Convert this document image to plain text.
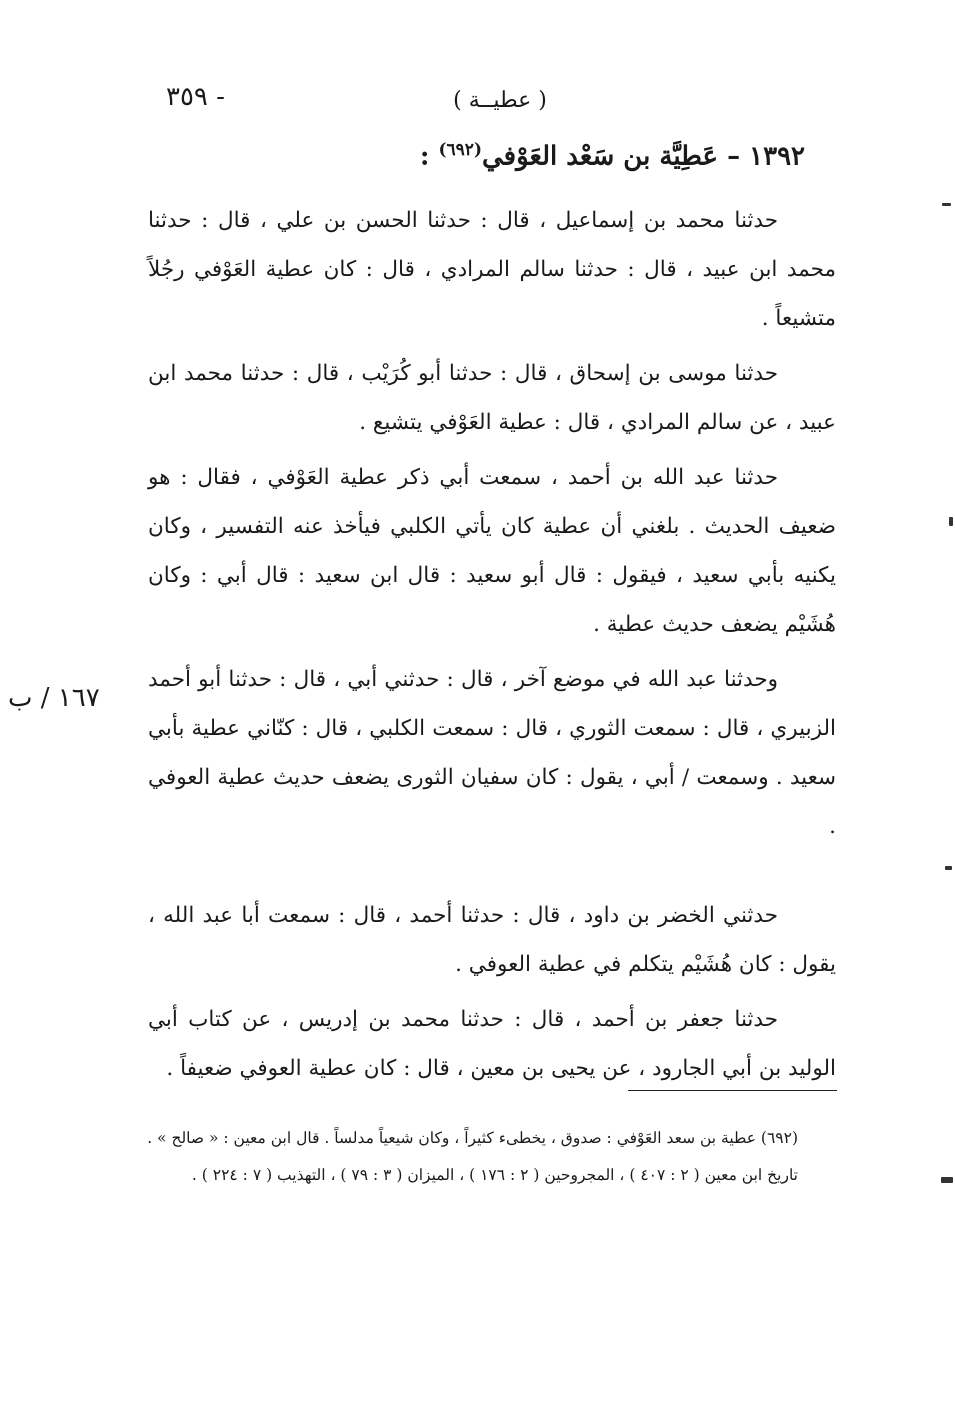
- ٣٥٩	( عطيــة )
١٣٩٢ – عَطِيَّة بن سَعْد العَوْفي$^{(٦٩٢)}$ :

حدثنا محمد بن إسماعيل ، قال : حدثنا الحسن بن علي ، قال : حدثنا محمد ابن عبيد ، قال : حدثنا سالم المرادي ، قال : كان عطية العَوْفي رجُلاً متشيعاً .

حدثنا موسى بن إسحاق ، قال : حدثنا أبو كُرَيْب ، قال : حدثنا محمد ابن عبيد ، عن سالم المرادي ، قال : عطية العَوْفي يتشيع .

حدثنا عبد الله بن أحمد ، سمعت أبي ذكر عطية العَوْفي ، فقال : هو ضعيف الحديث . بلغني أن عطية كان يأتي الكلبي فيأخذ عنه التفسير ، وكان يكنيه بأبي سعيد ، فيقول : قال أبو سعيد : قال ابن سعيد : قال أبي : وكان هُشَيْم يضعف حديث عطية .

وحدثنا عبد الله في موضع آخر ، قال : حدثني أبي ، قال : حدثنا أبو أحمد الزبيري ، قال : سمعت الثوري ، قال : سمعت الكلبي ، قال : كنّاني عطية بأبي سعيد . وسمعت / أبي ، يقول : كان سفيان الثورى يضعف حديث عطية العوفي .

حدثني الخضر بن داود ، قال : حدثنا أحمد ، قال : سمعت أبا عبد الله ، يقول : كان هُشَيْم يتكلم في عطية العوفي .

حدثنا جعفر بن أحمد ، قال : حدثنا محمد بن إدريس ، عن كتاب أبي الوليد بن أبي الجارود ، عن يحيى بن معين ، قال : كان عطية العوفي ضعيفاً .

١٦٧ / ب

(٦٩٢) عطية بن سعد العَوْفي : صدوق ، يخطىء كثيراً ، وكان شيعياً مدلساً . قال ابن معين : « صالح » .

تاريخ ابن معين ( ٢ : ٤٠٧ ) ، المجروحين ( ٢ : ١٧٦ ) ، الميزان ( ٣ : ٧٩ ) ، التهذيب ( ٧ : ٢٢٤ ) .
